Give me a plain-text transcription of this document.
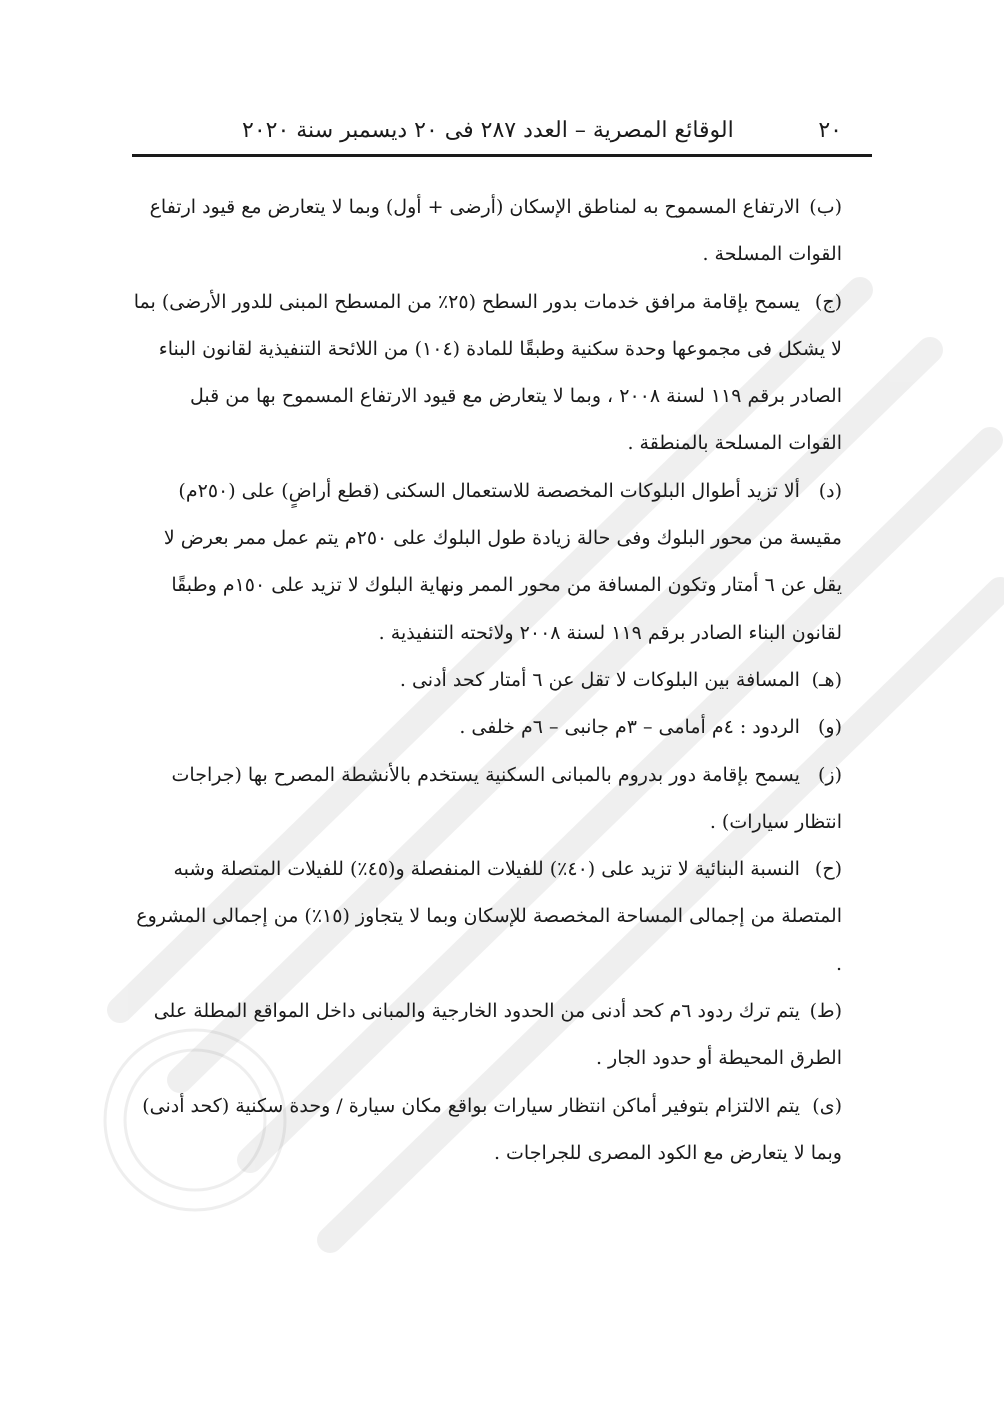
٢٠
الوقائع المصرية – العدد ٢٨٧ فى ٢٠ ديسمبر سنة ٢٠٢٠

(ب) الارتفاع المسموح به لمناطق الإسكان (أرضى + أول) وبما لا يتعارض مع قيود ارتفاع القوات المسلحة .

(ج) يسمح بإقامة مرافق خدمات بدور السطح (٢٥٪ من المسطح المبنى للدور الأرضى) بما لا يشكل فى مجموعها وحدة سكنية وطبقًا للمادة (١٠٤) من اللائحة التنفيذية لقانون البناء الصادر برقم ١١٩ لسنة ٢٠٠٨ ، وبما لا يتعارض مع قيود الارتفاع المسموح بها من قبل القوات المسلحة بالمنطقة .

(د) ألا تزيد أطوال البلوكات المخصصة للاستعمال السكنى (قطع أراضٍ) على (٢٥٠م) مقيسة من محور البلوك وفى حالة زيادة طول البلوك على ٢٥٠م يتم عمل ممر بعرض لا يقل عن ٦ أمتار وتكون المسافة من محور الممر ونهاية البلوك لا تزيد على ١٥٠م وطبقًا لقانون البناء الصادر برقم ١١٩ لسنة ٢٠٠٨ ولائحته التنفيذية .

(هـ) المسافة بين البلوكات لا تقل عن ٦ أمتار كحد أدنى .

(و) الردود : ٤م أمامى – ٣م جانبى – ٦م خلفى .

(ز) يسمح بإقامة دور بدروم بالمبانى السكنية يستخدم بالأنشطة المصرح بها (جراجات انتظار سيارات) .

(ح) النسبة البنائية لا تزيد على (٤٠٪) للفيلات المنفصلة و(٤٥٪) للفيلات المتصلة وشبه المتصلة من إجمالى المساحة المخصصة للإسكان وبما لا يتجاوز (١٥٪) من إجمالى المشروع .

(ط) يتم ترك ردود ٦م كحد أدنى من الحدود الخارجية والمبانى داخل المواقع المطلة على الطرق المحيطة أو حدود الجار .

(ى) يتم الالتزام بتوفير أماكن انتظار سيارات بواقع مكان سيارة / وحدة سكنية (كحد أدنى) وبما لا يتعارض مع الكود المصرى للجراجات .
